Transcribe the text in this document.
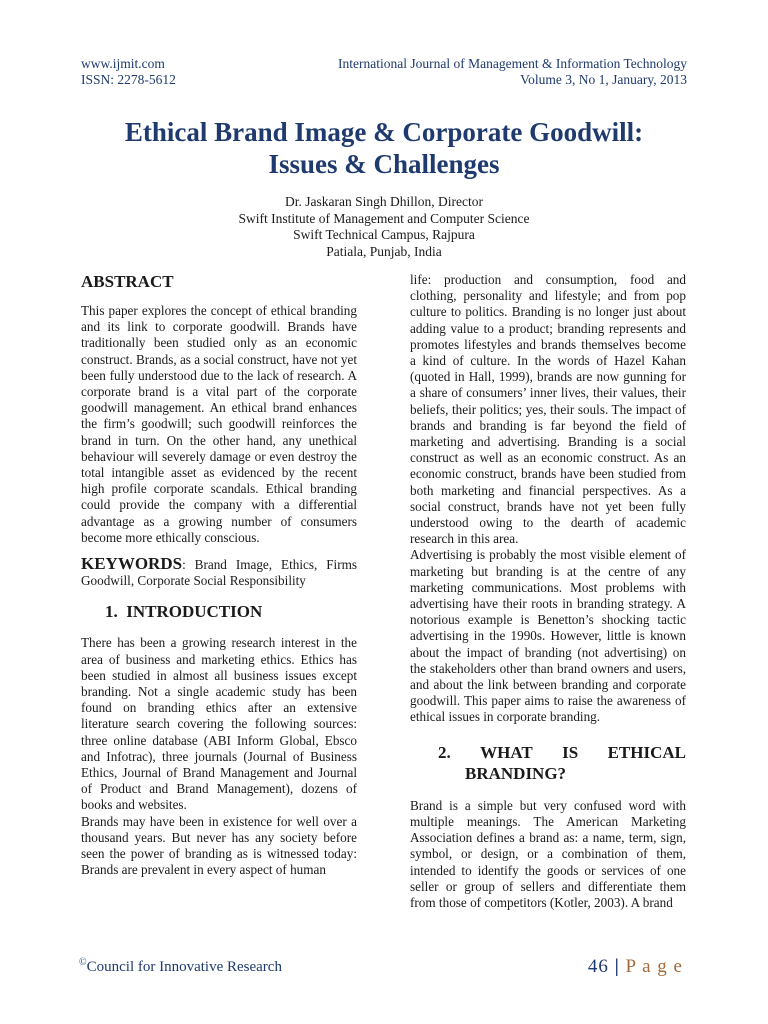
www.ijmit.com
ISSN: 2278-5612
International Journal of Management & Information Technology
Volume 3, No 1, January, 2013
Ethical Brand Image & Corporate Goodwill:
Issues & Challenges
Dr. Jaskaran Singh Dhillon, Director
Swift Institute of Management and Computer Science
Swift Technical Campus, Rajpura
Patiala, Punjab, India
ABSTRACT

This paper explores the concept of ethical branding and its link to corporate goodwill. Brands have traditionally been studied only as an economic construct. Brands, as a social construct, have not yet been fully understood due to the lack of research. A corporate brand is a vital part of the corporate goodwill management. An ethical brand enhances the firm’s goodwill; such goodwill reinforces the brand in turn. On the other hand, any unethical behaviour will severely damage or even destroy the total intangible asset as evidenced by the recent high profile corporate scandals. Ethical branding could provide the company with a differential advantage as a growing number of consumers become more ethically conscious.

KEYWORDS: Brand Image, Ethics, Firms Goodwill, Corporate Social Responsibility

1. INTRODUCTION

There has been a growing research interest in the area of business and marketing ethics. Ethics has been studied in almost all business issues except branding. Not a single academic study has been found on branding ethics after an extensive literature search covering the following sources: three online database (ABI Inform Global, Ebsco and Infotrac), three journals (Journal of Business Ethics, Journal of Brand Management and Journal of Product and Brand Management), dozens of books and websites.

Brands may have been in existence for well over a thousand years. But never has any society before seen the power of branding as is witnessed today: Brands are prevalent in every aspect of human

life: production and consumption, food and clothing, personality and lifestyle; and from pop culture to politics. Branding is no longer just about adding value to a product; branding represents and promotes lifestyles and brands themselves become a kind of culture. In the words of Hazel Kahan (quoted in Hall, 1999), brands are now gunning for a share of consumers’ inner lives, their values, their beliefs, their politics; yes, their souls. The impact of brands and branding is far beyond the field of marketing and advertising. Branding is a social construct as well as an economic construct. As an economic construct, brands have been studied from both marketing and financial perspectives. As a social construct, brands have not yet been fully understood owing to the dearth of academic research in this area.

Advertising is probably the most visible element of marketing but branding is at the centre of any marketing communications. Most problems with advertising have their roots in branding strategy. A notorious example is Benetton’s shocking tactic advertising in the 1990s. However, little is known about the impact of branding (not advertising) on the stakeholders other than brand owners and users, and about the link between branding and corporate goodwill. This paper aims to raise the awareness of ethical issues in corporate branding.

2. WHAT IS ETHICAL
BRANDING?

Brand is a simple but very confused word with multiple meanings. The American Marketing Association defines a brand as: a name, term, sign, symbol, or design, or a combination of them, intended to identify the goods or services of one seller or group of sellers and differentiate them from those of competitors (Kotler, 2003). A brand

©Council for Innovative Research	46 | P a g e
